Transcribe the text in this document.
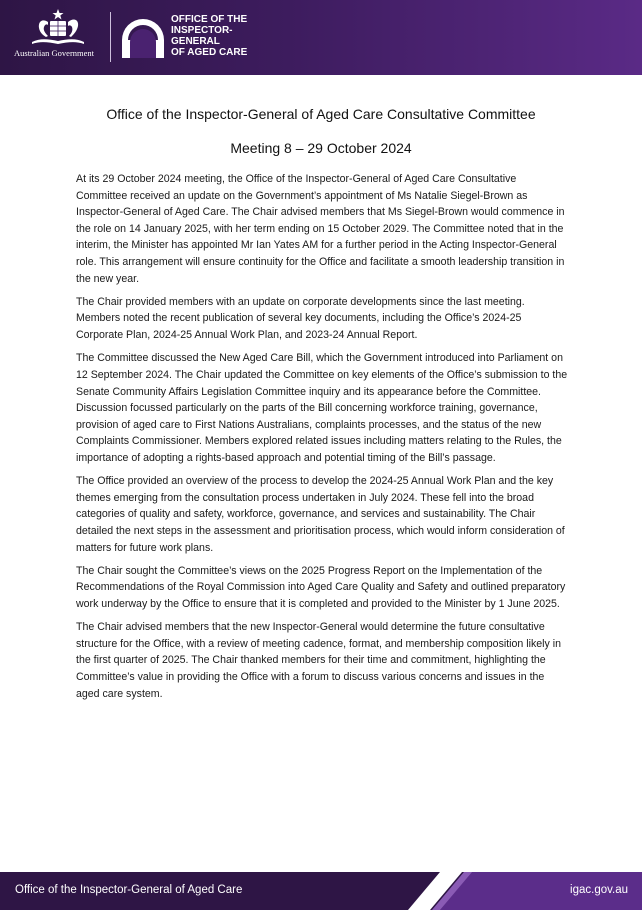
Australian Government
OFFICE OF THE
INSPECTOR-
GENERAL
OF AGED CARE
Office of the Inspector-General of Aged Care Consultative Committee
Meeting 8 – 29 October 2024

At its 29 October 2024 meeting, the Office of the Inspector-General of Aged Care Consultative Committee received an update on the Government’s appointment of Ms Natalie Siegel-Brown as Inspector-General of Aged Care. The Chair advised members that Ms Siegel-Brown would commence in the role on 14 January 2025, with her term ending on 15 October 2029. The Committee noted that in the interim, the Minister has appointed Mr Ian Yates AM for a further period in the Acting Inspector-General role. This arrangement will ensure continuity for the Office and facilitate a smooth leadership transition in the new year.

The Chair provided members with an update on corporate developments since the last meeting. Members noted the recent publication of several key documents, including the Office’s 2024-25 Corporate Plan, 2024-25 Annual Work Plan, and 2023-24 Annual Report.

The Committee discussed the New Aged Care Bill, which the Government introduced into Parliament on 12 September 2024. The Chair updated the Committee on key elements of the Office’s submission to the Senate Community Affairs Legislation Committee inquiry and its appearance before the Committee. Discussion focussed particularly on the parts of the Bill concerning workforce training, governance, provision of aged care to First Nations Australians, complaints processes, and the status of the new Complaints Commissioner. Members explored related issues including matters relating to the Rules, the importance of adopting a rights-based approach and potential timing of the Bill’s passage.

The Office provided an overview of the process to develop the 2024-25 Annual Work Plan and the key themes emerging from the consultation process undertaken in July 2024. These fell into the broad categories of quality and safety, workforce, governance, and services and sustainability. The Chair detailed the next steps in the assessment and prioritisation process, which would inform consideration of matters for future work plans.

The Chair sought the Committee’s views on the 2025 Progress Report on the Implementation of the Recommendations of the Royal Commission into Aged Care Quality and Safety and outlined preparatory work underway by the Office to ensure that it is completed and provided to the Minister by 1 June 2025.

The Chair advised members that the new Inspector-General would determine the future consultative structure for the Office, with a review of meeting cadence, format, and membership composition likely in the first quarter of 2025. The Chair thanked members for their time and commitment, highlighting the Committee’s value in providing the Office with a forum to discuss various concerns and issues in the aged care system.

Office of the Inspector-General of Aged Care	igac.gov.au
